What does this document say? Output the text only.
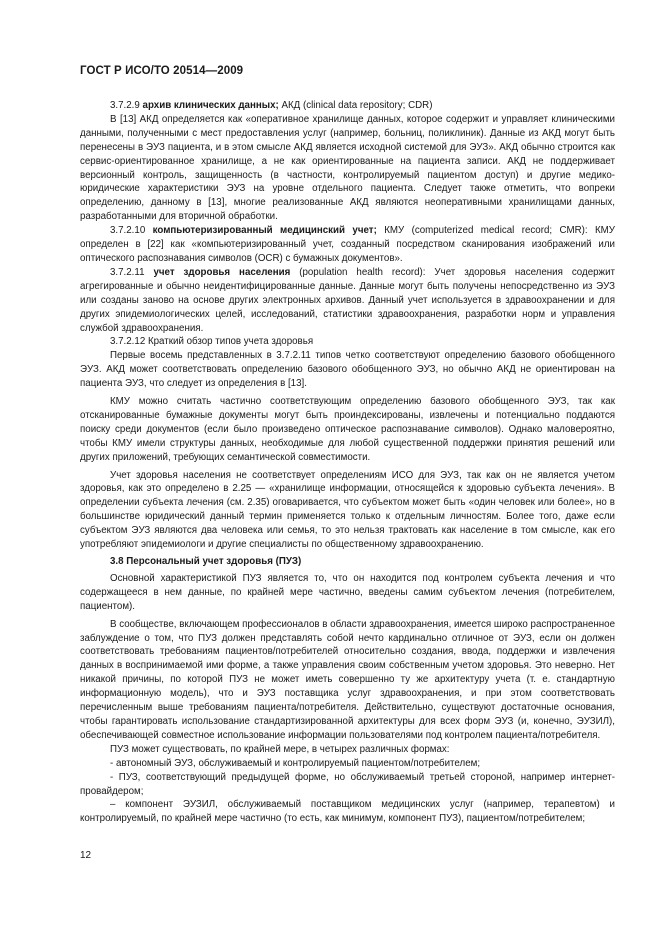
ГОСТ Р ИСО/ТО 20514—2009

3.7.2.9 архив клинических данных; АКД (clinical data repository; CDR)

В [13] АКД определяется как «оперативное хранилище данных, которое содержит и управляет клиническими данными, полученными с мест предоставления услуг (например, больниц, поликлиник). Данные из АКД могут быть перенесены в ЭУЗ пациента, и в этом смысле АКД является исходной системой для ЭУЗ». АКД обычно строится как сервис-ориентированное хранилище, а не как ориентированные на пациента записи. АКД не поддерживает версионный контроль, защищенность (в частности, контролируемый пациентом доступ) и другие медико-юридические характеристики ЭУЗ на уровне отдельного пациента. Следует также отметить, что вопреки определению, данному в [13], многие реализованные АКД являются неоперативными хранилищами данных, разработанными для вторичной обработки.

3.7.2.10 компьютеризированный медицинский учет; КМУ (computerized medical record; CMR): КМУ определен в [22] как «компьютеризированный учет, созданный посредством сканирования изображений или оптического распознавания символов (OCR) с бумажных документов».

3.7.2.11 учет здоровья населения (population health record): Учет здоровья населения содержит агрегированные и обычно неидентифицированные данные. Данные могут быть получены непосредственно из ЭУЗ или созданы заново на основе других электронных архивов. Данный учет используется в здравоохранении и для других эпидемиологических целей, исследований, статистики здравоохранения, разработки норм и управления службой здравоохранения.

3.7.2.12 Краткий обзор типов учета здоровья

Первые восемь представленных в 3.7.2.11 типов четко соответствуют определению базового обобщенного ЭУЗ. АКД может соответствовать определению базового обобщенного ЭУЗ, но обычно АКД не ориентирован на пациента ЭУЗ, что следует из определения в [13].

КМУ можно считать частично соответствующим определению базового обобщенного ЭУЗ, так как отсканированные бумажные документы могут быть проиндексированы, извлечены и потенциально поддаются поиску среди документов (если было произведено оптическое распознавание символов). Однако маловероятно, чтобы КМУ имели структуры данных, необходимые для любой существенной поддержки принятия решений или других приложений, требующих семантической совместимости.

Учет здоровья населения не соответствует определениям ИСО для ЭУЗ, так как он не является учетом здоровья, как это определено в 2.25 — «хранилище информации, относящейся к здоровью субъекта лечения». В определении субъекта лечения (см. 2.35) оговаривается, что субъектом может быть «один человек или более», но в большинстве юридический данный термин применяется только к отдельным личностям. Более того, даже если субъектом ЭУЗ являются два человека или семья, то это нельзя трактовать как население в том смысле, как его употребляют эпидемиологи и другие специалисты по общественному здравоохранению.

3.8 Персональный учет здоровья (ПУЗ)

Основной характеристикой ПУЗ является то, что он находится под контролем субъекта лечения и что содержащееся в нем данные, по крайней мере частично, введены самим субъектом лечения (потребителем, пациентом).

В сообществе, включающем профессионалов в области здравоохранения, имеется широко распространенное заблуждение о том, что ПУЗ должен представлять собой нечто кардинально отличное от ЭУЗ, если он должен соответствовать требованиям пациентов/потребителей относительно создания, ввода, поддержки и извлечения данных в воспринимаемой ими форме, а также управления своим собственным учетом здоровья. Это неверно. Нет никакой причины, по которой ПУЗ не может иметь совершенно ту же архитектуру учета (т. е. стандартную информационную модель), что и ЭУЗ поставщика услуг здравоохранения, и при этом соответствовать перечисленным выше требованиям пациента/потребителя. Действительно, существуют достаточные основания, чтобы гарантировать использование стандартизированной архитектуры для всех форм ЭУЗ (и, конечно, ЭУЗИЛ), обеспечивающей совместное использование информации пользователями под контролем пациента/потребителя.

ПУЗ может существовать, по крайней мере, в четырех различных формах:

- автономный ЭУЗ, обслуживаемый и контролируемый пациентом/потребителем;

- ПУЗ, соответствующий предыдущей форме, но обслуживаемый третьей стороной, например интернет-провайдером;

– компонент ЭУЗИЛ, обслуживаемый поставщиком медицинских услуг (например, терапевтом) и контролируемый, по крайней мере частично (то есть, как минимум, компонент ПУЗ), пациентом/потребителем;

12
